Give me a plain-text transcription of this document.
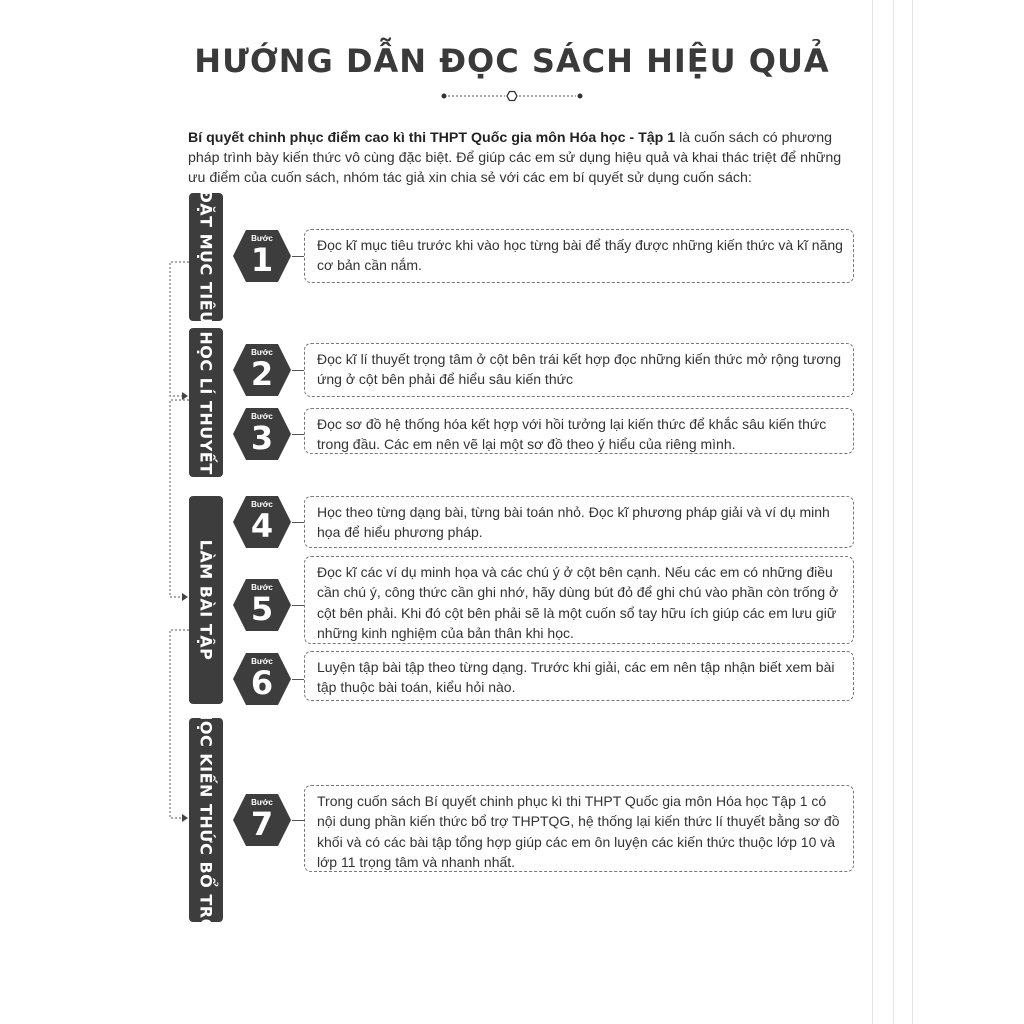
HƯỚNG DẪN ĐỌC SÁCH HIỆU QUẢ

Bí quyết chinh phục điểm cao kì thi THPT Quốc gia môn Hóa học - Tập 1 là cuốn sách có phương pháp trình bày kiến thức vô cùng đặc biệt. Để giúp các em sử dụng hiệu quả và khai thác triệt để những ưu điểm của cuốn sách, nhóm tác giả xin chia sẻ với các em bí quyết sử dụng cuốn sách:

ĐẶT MỤC TIÊU
HỌC LÍ THUYẾT
LÀM BÀI TẬP
HỌC KIẾN THỨC BỔ TRỢ
Bước
1	Đọc kĩ mục tiêu trước khi vào học từng bài để thấy được những kiến thức và kĩ năng cơ bản cần nắm.
Bước
2	Đọc kĩ lí thuyết trọng tâm ở cột bên trái kết hợp đọc những kiến thức mở rộng tương ứng ở cột bên phải để hiểu sâu kiến thức
Bước
3	Đọc sơ đồ hệ thống hóa kết hợp với hồi tưởng lại kiến thức để khắc sâu kiến thức trong đầu. Các em nên vẽ lại một sơ đồ theo ý hiểu của riêng mình.
Bước
4	Học theo từng dạng bài, từng bài toán nhỏ. Đọc kĩ phương pháp giải và ví dụ minh họa để hiểu phương pháp.
Bước
5
Đọc kĩ các ví dụ minh họa và các chú ý ở cột bên cạnh. Nếu các em có những điều cần chú ý, công thức cần ghi nhớ, hãy dùng bút đỏ để ghi chú vào phần còn trống ở cột bên phải. Khi đó cột bên phải sẽ là một cuốn sổ tay hữu ích giúp các em lưu giữ những kinh nghiệm của bản thân khi học.
Bước
6	Luyện tập bài tập theo từng dạng. Trước khi giải, các em nên tập nhận biết xem bài tập thuộc bài toán, kiểu hỏi nào.
Bước
7
Trong cuốn sách Bí quyết chinh phục kì thi THPT Quốc gia môn Hóa học Tập 1 có nội dung phần kiến thức bổ trợ THPTQG, hệ thống lại kiến thức lí thuyết bằng sơ đồ khối và có các bài tập tổng hợp giúp các em ôn luyện các kiến thức thuộc lớp 10 và lớp 11 trọng tâm và nhanh nhất.
